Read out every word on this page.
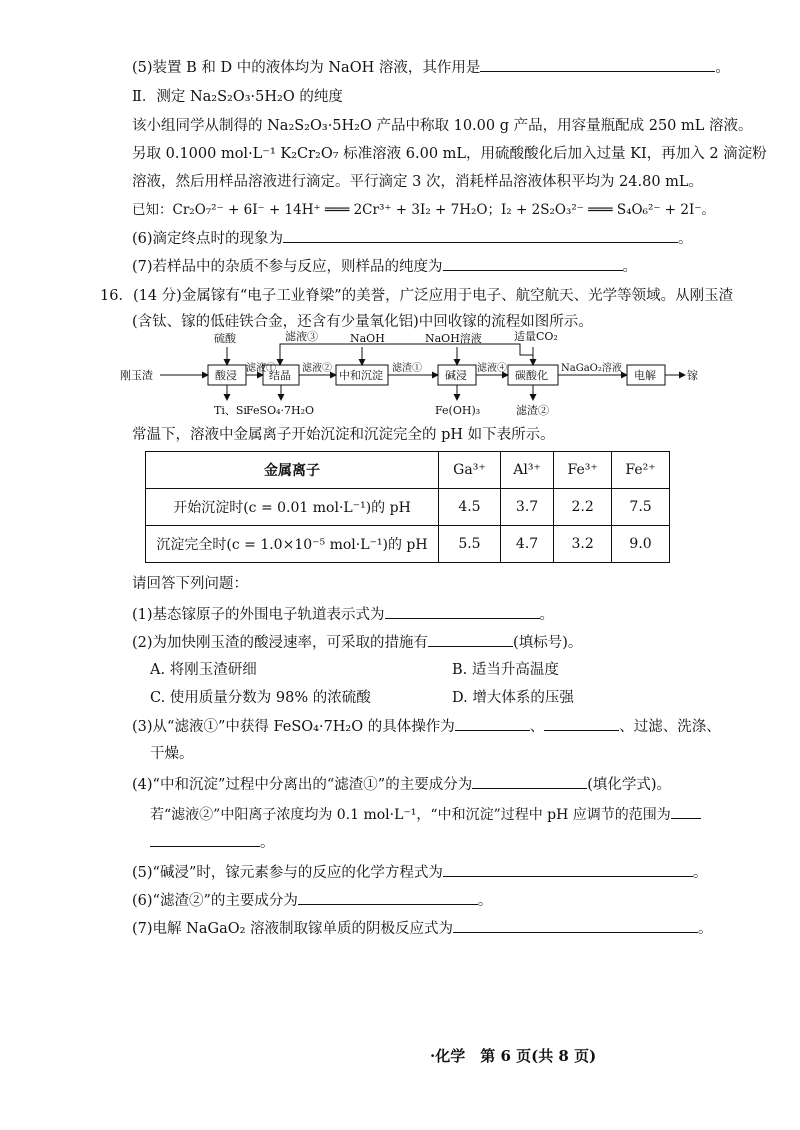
(5)装置 B 和 D 中的液体均为 NaOH 溶液，其作用是	。
Ⅱ．测定 Na₂S₂O₃·5H₂O 的纯度
该小组同学从制得的 Na₂S₂O₃·5H₂O 产品中称取 10.00 g 产品，用容量瓶配成 250 mL 溶液。
另取 0.1000 mol·L⁻¹ K₂Cr₂O₇ 标准溶液 6.00 mL，用硫酸酸化后加入过量 KI，再加入 2 滴淀粉
溶液，然后用样品溶液进行滴定。平行滴定 3 次，消耗样品溶液体积平均为 24.80 mL。
已知：Cr₂O₇²⁻ + 6I⁻ + 14H⁺ ═══ 2Cr³⁺ + 3I₂ + 7H₂O；I₂ + 2S₂O₃²⁻ ═══ S₄O₆²⁻ + 2I⁻。
(6)滴定终点时的现象为	。
(7)若样品中的杂质不参与反应，则样品的纯度为	。
16．(14 分)金属镓有“电子工业脊梁”的美誉，广泛应用于电子、航空航天、光学等领域。从刚玉渣
(含钛、镓的低硅铁合金，还含有少量氧化铝)中回收镓的流程如图所示。
刚玉渣	酸浸	结晶	中和沉淀	碱浸	碳酸化	电解	镓
硫酸	NaOH	NaOH溶液	适量CO₂
滤液③
滤液①	滤液②	滤渣①	滤液④	NaGaO₂溶液
Ti、Si FeSO₄·7H₂O	Fe(OH)₃	滤渣②
常温下，溶液中金属离子开始沉淀和沉淀完全的 pH 如下表所示。
金属离子	Ga³⁺	Al³⁺	Fe³⁺	Fe²⁺
开始沉淀时(c = 0.01 mol·L⁻¹)的 pH	4.5	3.7	2.2	7.5
沉淀完全时(c = 1.0×10⁻⁵ mol·L⁻¹)的 pH	5.5	4.7	3.2	9.0
请回答下列问题：
(1)基态镓原子的外围电子轨道表示式为	。
(2)为加快刚玉渣的酸浸速率，可采取的措施有	(填标号)。
A. 将刚玉渣研细	B. 适当升高温度
C. 使用质量分数为 98% 的浓硫酸	D. 增大体系的压强
(3)从“滤液①”中获得 FeSO₄·7H₂O 的具体操作为	、	、过滤、洗涤、
干燥。
(4)“中和沉淀”过程中分离出的“滤渣①”的主要成分为	(填化学式)。
若“滤液②”中阳离子浓度均为 0.1 mol·L⁻¹，“中和沉淀”过程中 pH 应调节的范围为
。
(5)“碱浸”时，镓元素参与的反应的化学方程式为	。
(6)“滤渣②”的主要成分为	。
(7)电解 NaGaO₂ 溶液制取镓单质的阴极反应式为	。
·化学　第 6 页(共 8 页)
